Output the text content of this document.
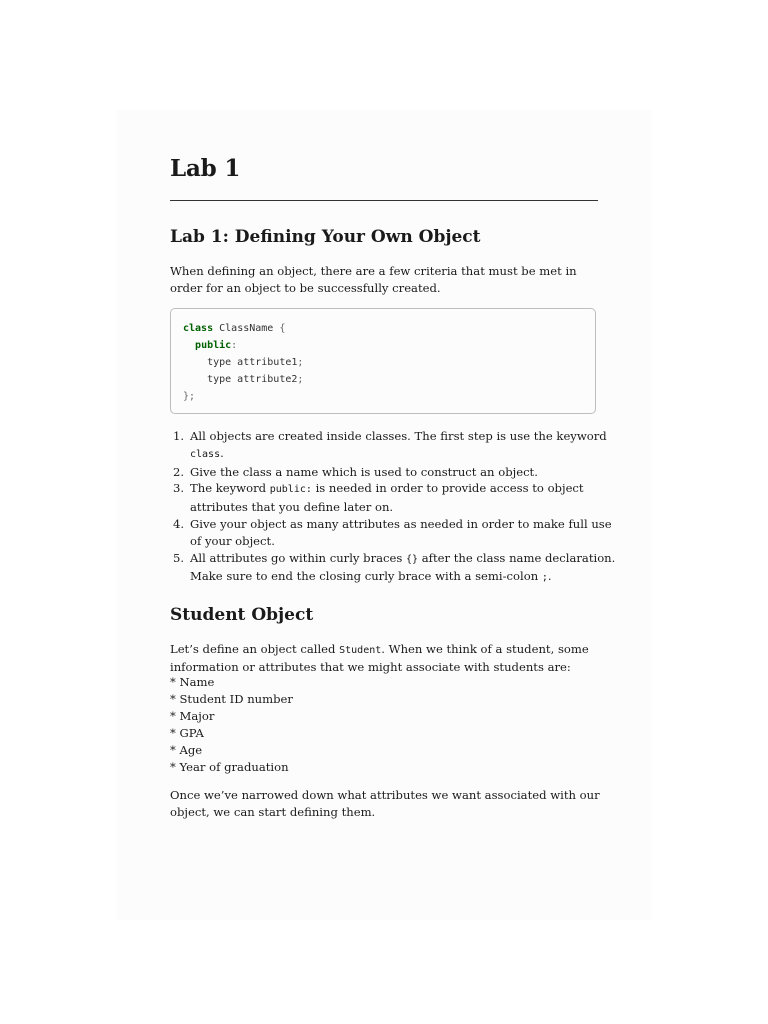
Lab 1
Lab 1: Defining Your Own Object

When defining an object, there are a few criteria that must be met in order for an object to be successfully created.

class ClassName {
public:
type attribute1;
type attribute2;
};
1. All objects are created inside classes. The first step is use the keyword class.
2. Give the class a name which is used to construct an object.
3. The keyword public: is needed in order to provide access to object attributes that you define later on.
4. Give your object as many attributes as needed in order to make full use of your object.
5. All attributes go within curly braces {} after the class name declaration. Make sure to end the closing curly brace with a semi-colon ;.
Student Object

Let’s define an object called Student. When we think of a student, some information or attributes that we might associate with students are:

* Name
* Student ID number
* Major
* GPA
* Age
* Year of graduation

Once we’ve narrowed down what attributes we want associated with our object, we can start defining them.
